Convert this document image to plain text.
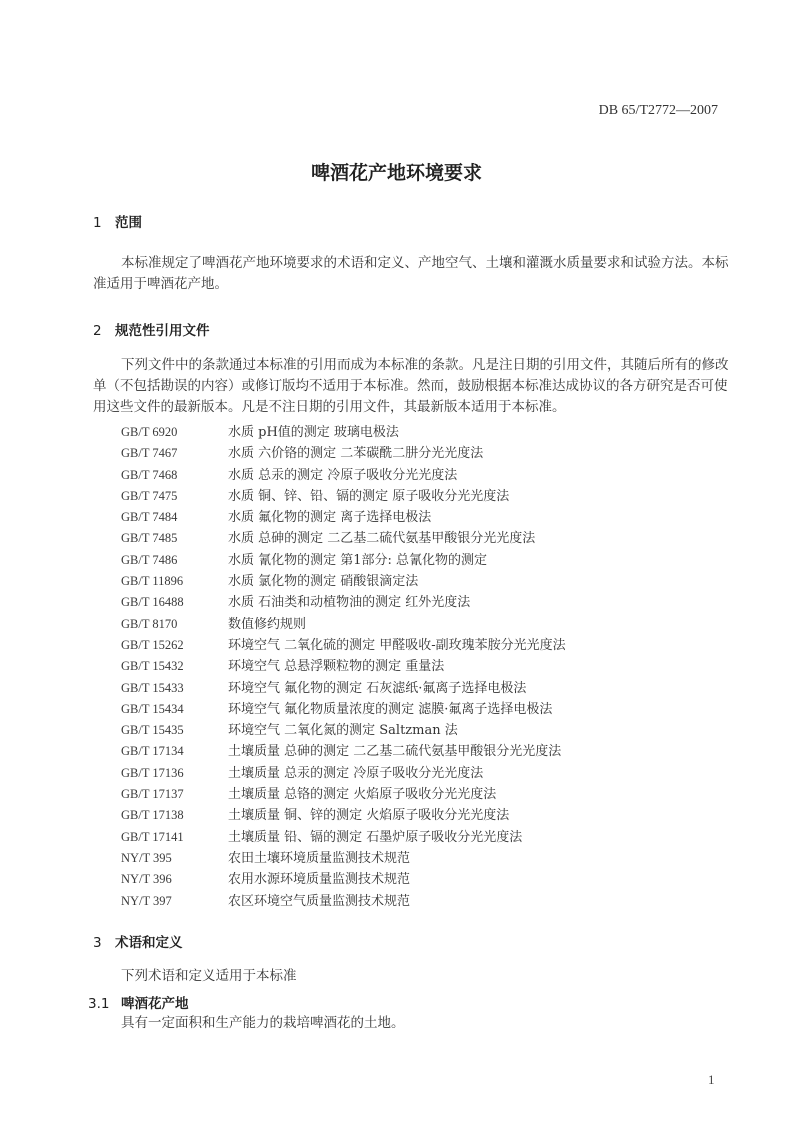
DB 65/T2772—2007
啤酒花产地环境要求
1 范围
本标准规定了啤酒花产地环境要求的术语和定义、产地空气、土壤和灌溉水质量要求和试验方法。本标准适用于啤酒花产地。
2 规范性引用文件
下列文件中的条款通过本标准的引用而成为本标准的条款。凡是注日期的引用文件，其随后所有的修改单（不包括勘误的内容）或修订版均不适用于本标准。然而，鼓励根据本标准达成协议的各方研究是否可使用这些文件的最新版本。凡是不注日期的引用文件，其最新版本适用于本标准。
GB/T 6920	水质 pH值的测定 玻璃电极法
GB/T 7467	水质 六价铬的测定 二苯碳酰二肼分光光度法
GB/T 7468	水质 总汞的测定 冷原子吸收分光光度法
GB/T 7475	水质 铜、锌、铅、镉的测定 原子吸收分光光度法
GB/T 7484	水质 氟化物的测定 离子选择电极法
GB/T 7485	水质 总砷的测定 二乙基二硫代氨基甲酸银分光光度法
GB/T 7486	水质 氰化物的测定 第1部分: 总氰化物的测定
GB/T 11896	水质 氯化物的测定 硝酸银滴定法
GB/T 16488	水质 石油类和动植物油的测定 红外光度法
GB/T 8170	数值修约规则
GB/T 15262	环境空气 二氧化硫的测定 甲醛吸收-副玫瑰苯胺分光光度法
GB/T 15432	环境空气 总悬浮颗粒物的测定 重量法
GB/T 15433	环境空气 氟化物的测定 石灰滤纸·氟离子选择电极法
GB/T 15434	环境空气 氟化物质量浓度的测定 滤膜·氟离子选择电极法
GB/T 15435	环境空气 二氧化氮的测定 Saltzman 法
GB/T 17134	土壤质量 总砷的测定 二乙基二硫代氨基甲酸银分光光度法
GB/T 17136	土壤质量 总汞的测定 冷原子吸收分光光度法
GB/T 17137	土壤质量 总铬的测定 火焰原子吸收分光光度法
GB/T 17138	土壤质量 铜、锌的测定 火焰原子吸收分光光度法
GB/T 17141	土壤质量 铅、镉的测定 石墨炉原子吸收分光光度法
NY/T 395	农田土壤环境质量监测技术规范
NY/T 396	农用水源环境质量监测技术规范
NY/T 397	农区环境空气质量监测技术规范
3 术语和定义
下列术语和定义适用于本标准
3.1 啤酒花产地
具有一定面积和生产能力的栽培啤酒花的土地。
1
